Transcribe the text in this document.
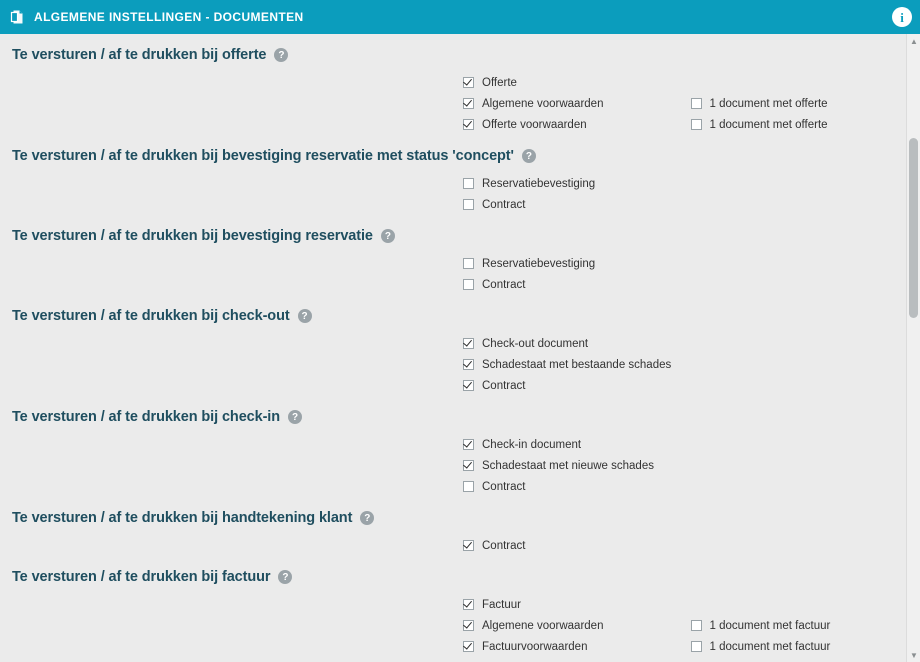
ALGEMENE INSTELLINGEN - DOCUMENTEN	i
Te versturen / af te drukken bij offerte	?
Offerte
Algemene voorwaarden	1 document met offerte
Offerte voorwaarden	1 document met offerte
Te versturen / af te drukken bij bevestiging reservatie met status 'concept'	?
Reservatiebevestiging
Contract
Te versturen / af te drukken bij bevestiging reservatie	?
Reservatiebevestiging
Contract
Te versturen / af te drukken bij check-out	?
Check-out document
Schadestaat met bestaande schades
Contract
Te versturen / af te drukken bij check-in	?
Check-in document
Schadestaat met nieuwe schades
Contract
Te versturen / af te drukken bij handtekening klant	?
Contract
Te versturen / af te drukken bij factuur	?
Factuur
Algemene voorwaarden	1 document met factuur
Factuurvoorwaarden	1 document met factuur
▲
▼
